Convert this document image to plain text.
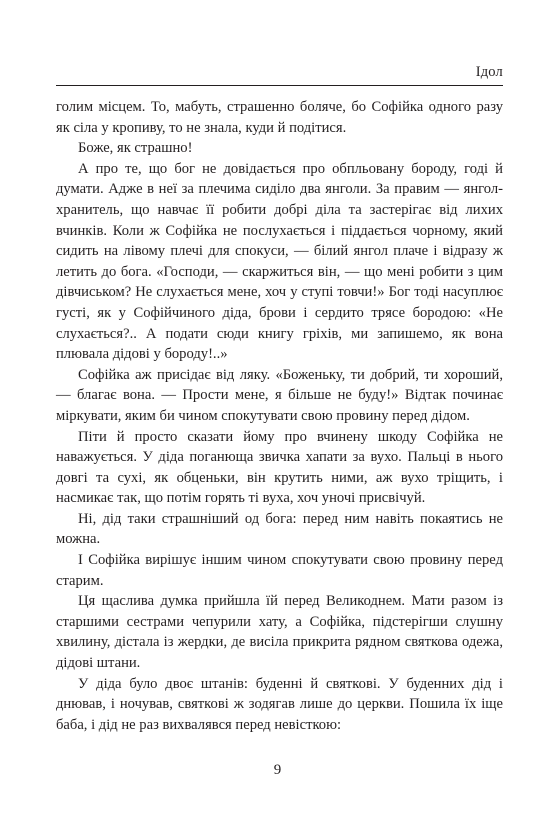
Ідол

голим місцем. То, мабуть, страшенно боляче, бо Софійка одного разу як сіла у кропиву, то не знала, куди й подітися.

Боже, як страшно!

А про те, що бог не довідається про обпльовану бороду, годі й думати. Адже в неї за плечима сиділо два янголи. За правим — янгол-хранитель, що навчає її робити добрі діла та застерігає від лихих вчинків. Коли ж Софійка не послухається і піддається чорному, який сидить на лівому плечі для спокуси, — білий янгол плаче і відразу ж летить до бога. «Господи, — скаржиться він, — що мені робити з цим дівчиськом? Не слухається мене, хоч у ступі товчи!» Бог тоді насуплює густі, як у Софійчиного діда, брови і сердито трясе бородою: «Не слухається?.. А подати сюди книгу гріхів, ми запишемо, як вона плювала дідові у бороду!..»

Софійка аж присідає від ляку. «Боженьку, ти добрий, ти хороший, — благає вона. — Прости мене, я більше не буду!» Відтак починає міркувати, яким би чином спокутувати свою провину перед дідом.

Піти й просто сказати йому про вчинену шкоду Софійка не наважується. У діда поганюща звичка хапати за вухо. Пальці в нього довгі та сухі, як обценьки, він крутить ними, аж вухо тріщить, і насмикає так, що потім горять ті вуха, хоч уночі присвічуй.

Ні, дід таки страшніший од бога: перед ним навіть покаятись не можна.

І Софійка вирішує іншим чином спокутувати свою провину перед старим.

Ця щаслива думка прийшла їй перед Великоднем. Мати разом із старшими сестрами чепурили хату, а Софійка, підстерігши слушну хвилину, дістала із жердки, де висіла прикрита рядном святкова одежа, дідові штани.

У діда було двоє штанів: буденні й святкові. У буденних дід і днював, і ночував, святкові ж зодягав лише до церкви. Пошила їх іще баба, і дід не раз вихвалявся перед невісткою:

9
